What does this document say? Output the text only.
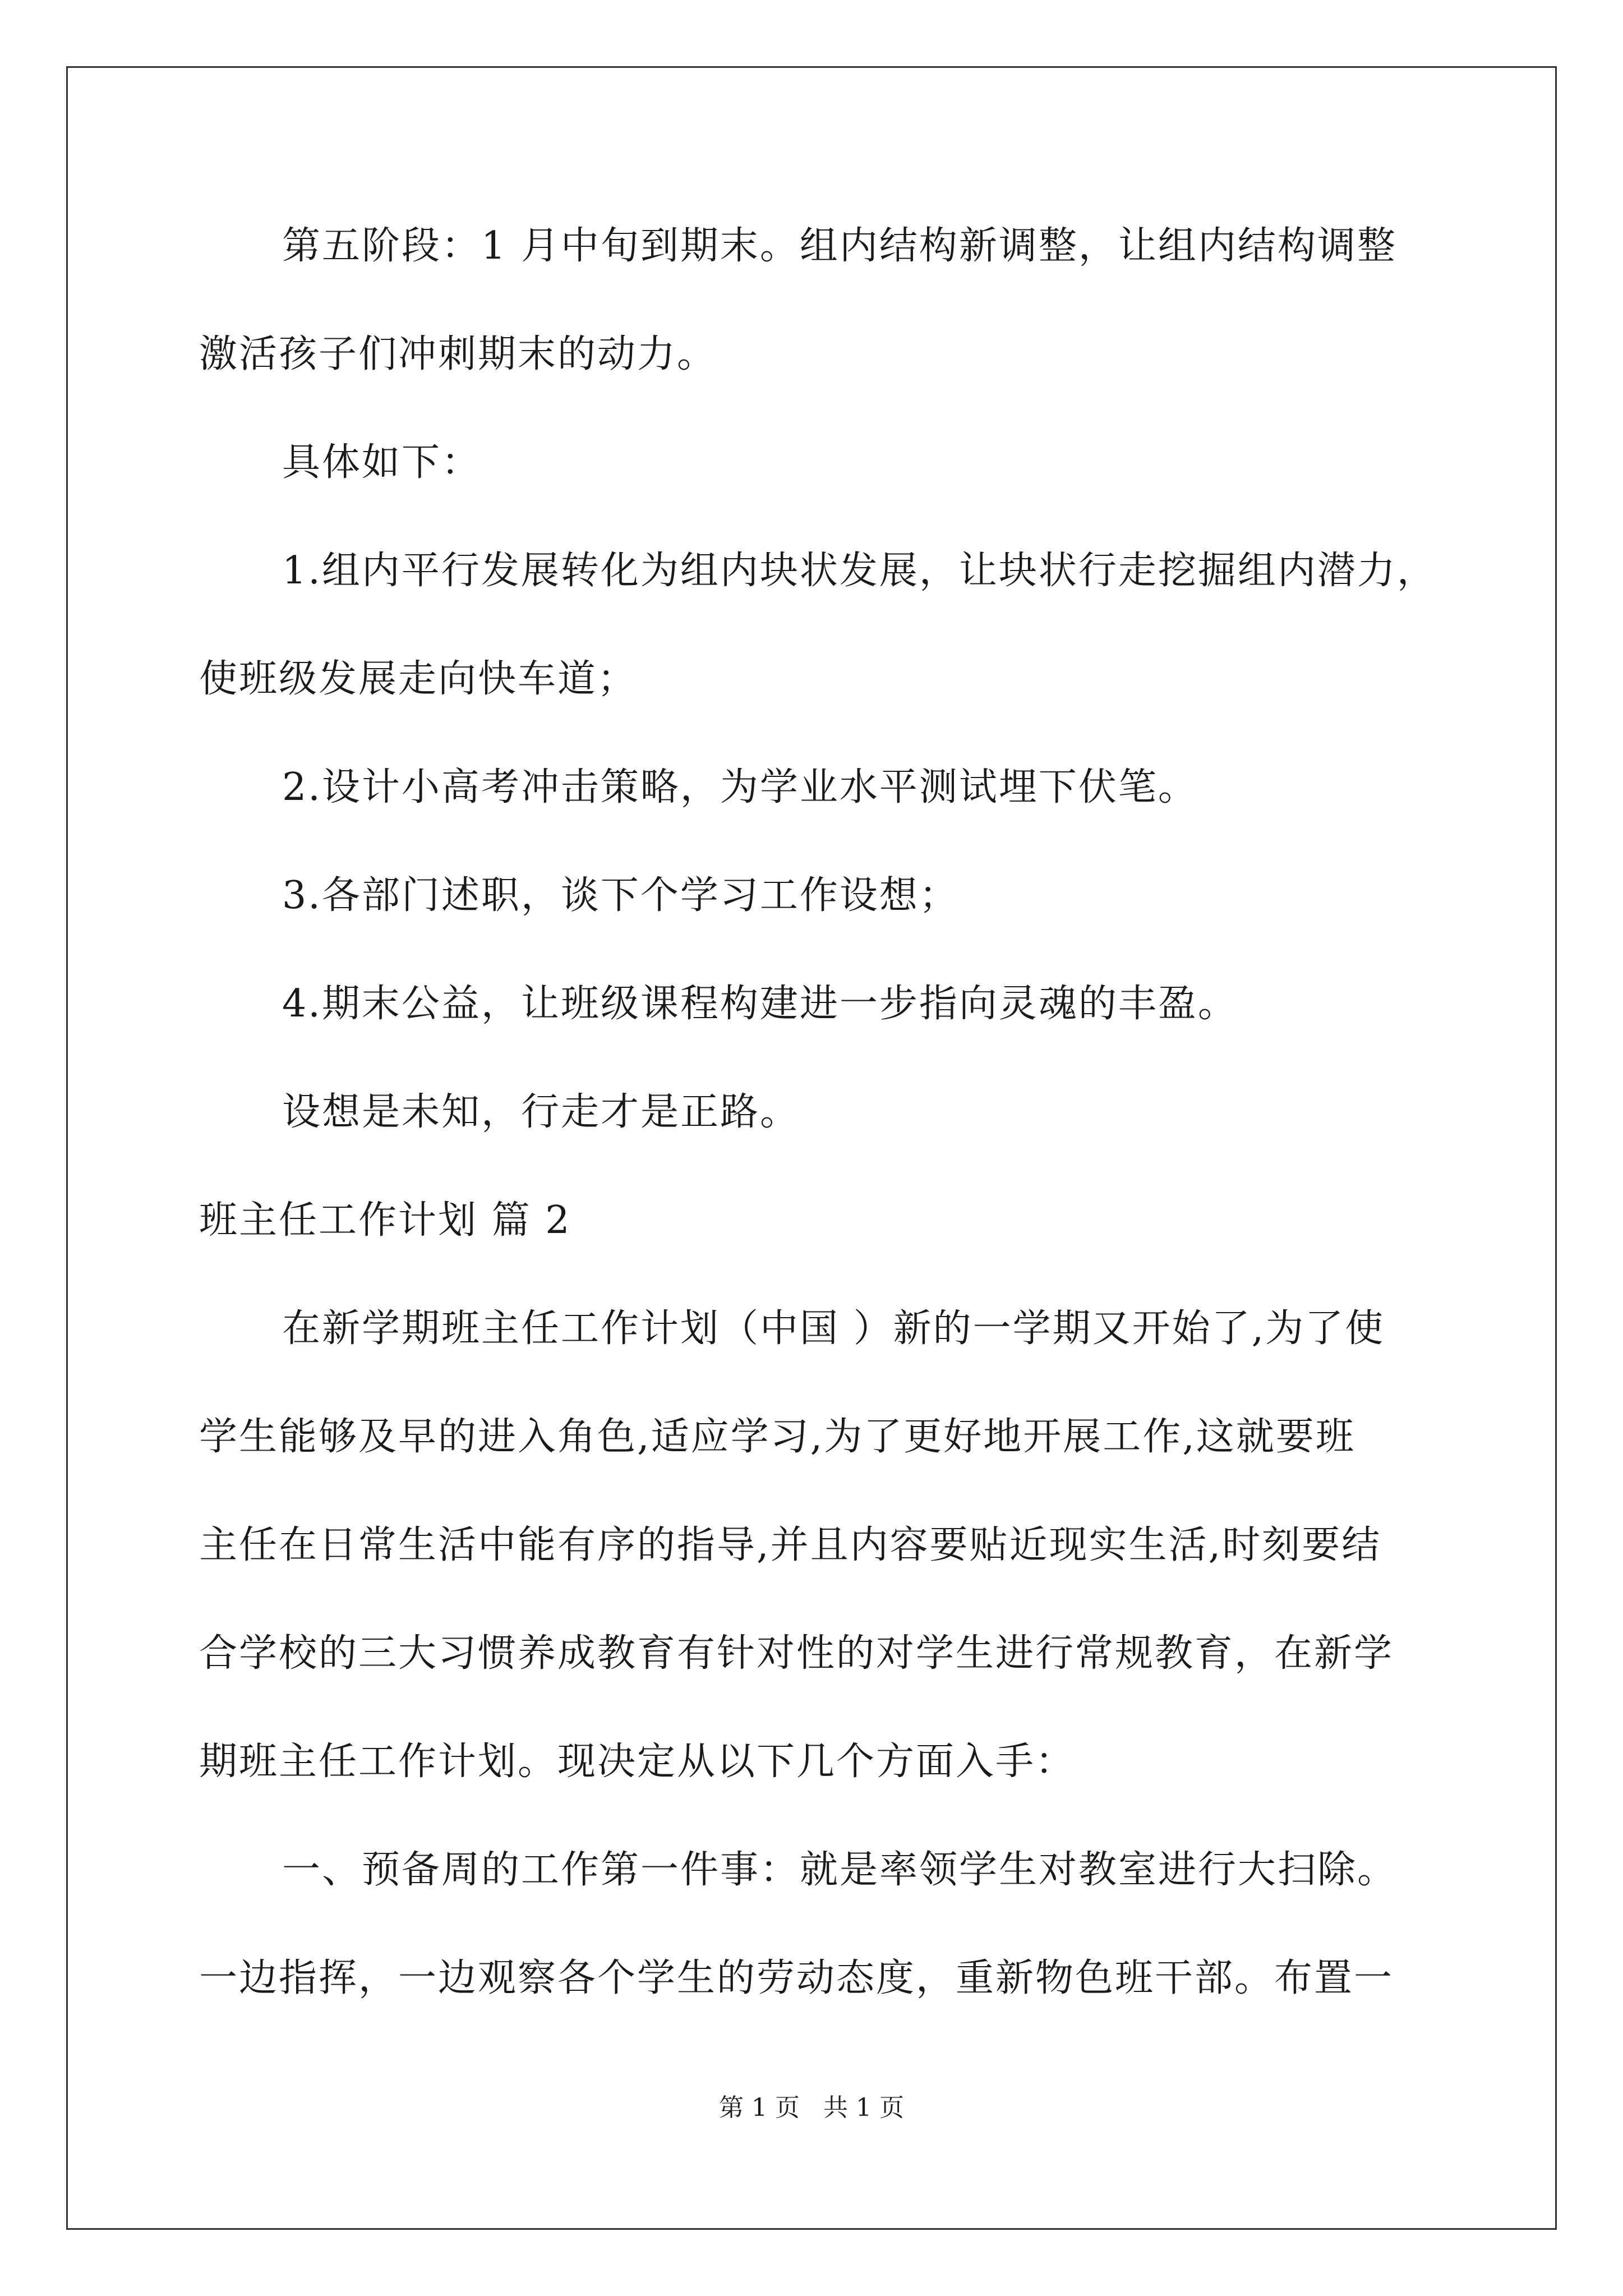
第五阶段：1 月中旬到期末。组内结构新调整，让组内结构调整
激活孩子们冲刺期末的动力。
具体如下：
1.组内平行发展转化为组内块状发展，让块状行走挖掘组内潜力，
使班级发展走向快车道；
2.设计小高考冲击策略，为学业水平测试埋下伏笔。
3.各部门述职，谈下个学习工作设想；
4.期末公益，让班级课程构建进一步指向灵魂的丰盈。
设想是未知，行走才是正路。
班主任工作计划 篇 2
在新学期班主任工作计划（中国 ）新的一学期又开始了,为了使
学生能够及早的进入角色,适应学习,为了更好地开展工作,这就要班
主任在日常生活中能有序的指导,并且内容要贴近现实生活,时刻要结
合学校的三大习惯养成教育有针对性的对学生进行常规教育，在新学
期班主任工作计划。现决定从以下几个方面入手：
一、预备周的工作第一件事：就是率领学生对教室进行大扫除。
一边指挥，一边观察各个学生的劳动态度，重新物色班干部。布置一
第 1 页   共 1 页
